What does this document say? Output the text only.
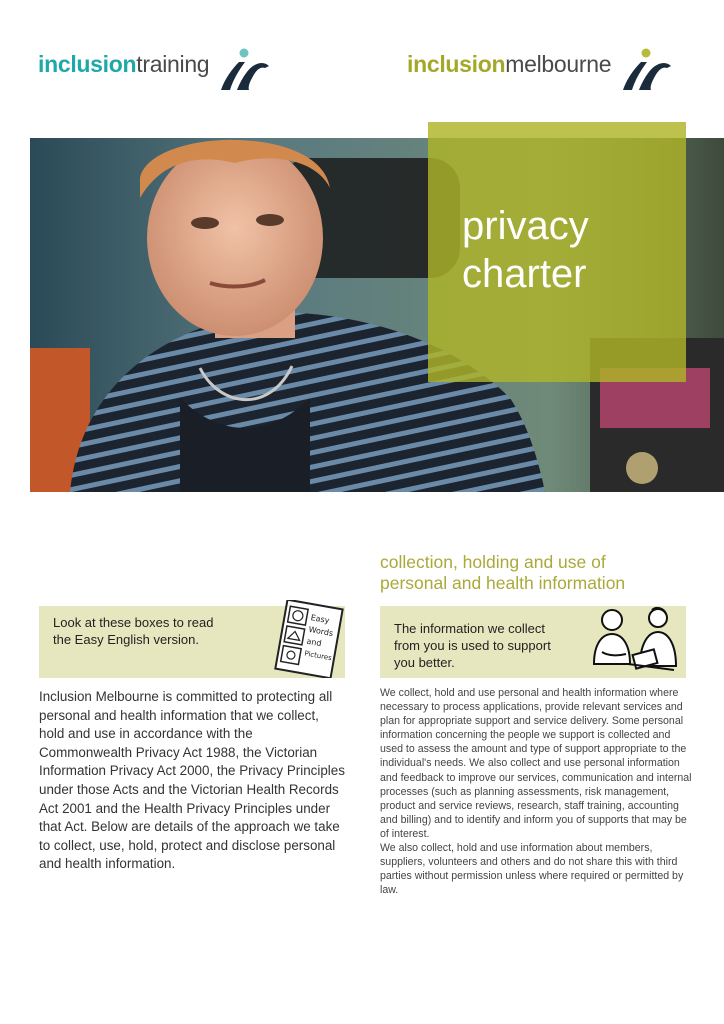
inclusiontraining	inclusionmelbourne
privacy
charter
collection, holding and use of
personal and health information
Look at these boxes to read
the Easy English version.
Easy
Words
and
Pictures
The information we collect
from you is used to support
you better.
Inclusion Melbourne is committed to protecting all personal and health information that we collect, hold and use in accordance with the Commonwealth Privacy Act 1988, the Victorian Information Privacy Act 2000, the Privacy Principles under those Acts and the Victorian Health Records Act 2001 and the Health Privacy Principles under that Act. Below are details of the approach we take to collect, use, hold, protect and disclose personal and health information.

We collect, hold and use personal and health information where necessary to process applications, provide relevant services and plan for appropriate support and service delivery. Some personal information concerning the people we support is collected and used to assess the amount and type of support appropriate to the individual's needs. We also collect and use personal information and feedback to improve our services, communication and internal processes (such as planning assessments, risk management, product and service reviews, research, staff training, accounting and billing) and to identify and inform you of supports that may be of interest.

We also collect, hold and use information about members, suppliers, volunteers and others and do not share this with third parties without permission unless where required or permitted by law.
